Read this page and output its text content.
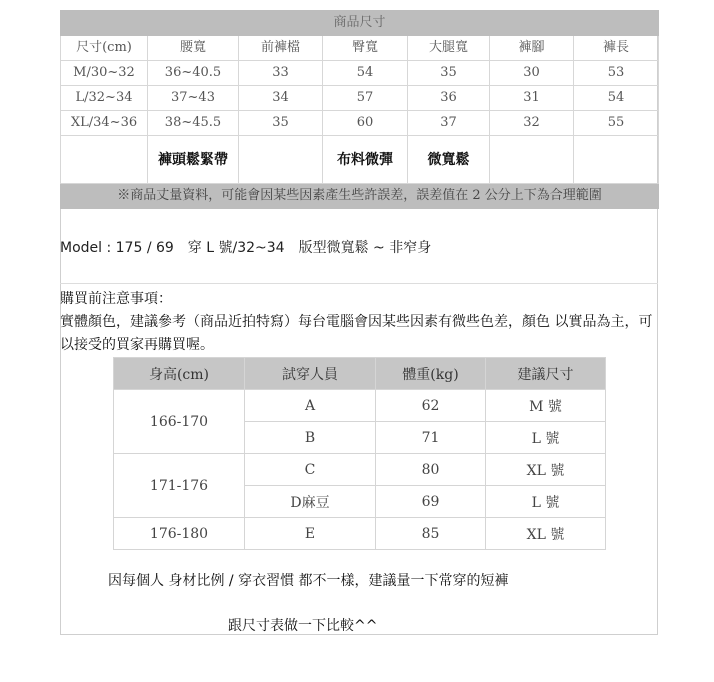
商品尺寸						
尺寸(cm)	腰寬	前褲檔	臀寬	大腿寬	褲腳	褲長
M/30~32	36~40.5	33	54	35	30	53
L/32~34	37~43	34	57	36	31	54
XL/34~36	38~45.5	35	60	37	32	55
	褲頭鬆緊帶		布料微彈	微寬鬆		
※商品丈量資料，可能會因某些因素產生些許誤差，誤差值在 2 公分上下為合理範圍						
Model : 175 / 69　穿 L 號/32~34　版型微寬鬆 ~ 非窄身

購買前注意事項：

實體顏色，建議參考（商品近拍特寫）每台電腦會因某些因素有微些色差，顏色 以實品為主，可以接受的買家再購買喔。

身高(cm)	試穿人員	體重(kg)	建議尺寸
166-170	A	62	M 號
	B	71	L 號
171-176	C	80	XL 號
	D麻豆	69	L 號
176-180	E	85	XL 號
因每個人 身材比例 / 穿衣習慣 都不一樣，建議量一下常穿的短褲
跟尺寸表做一下比較^^
